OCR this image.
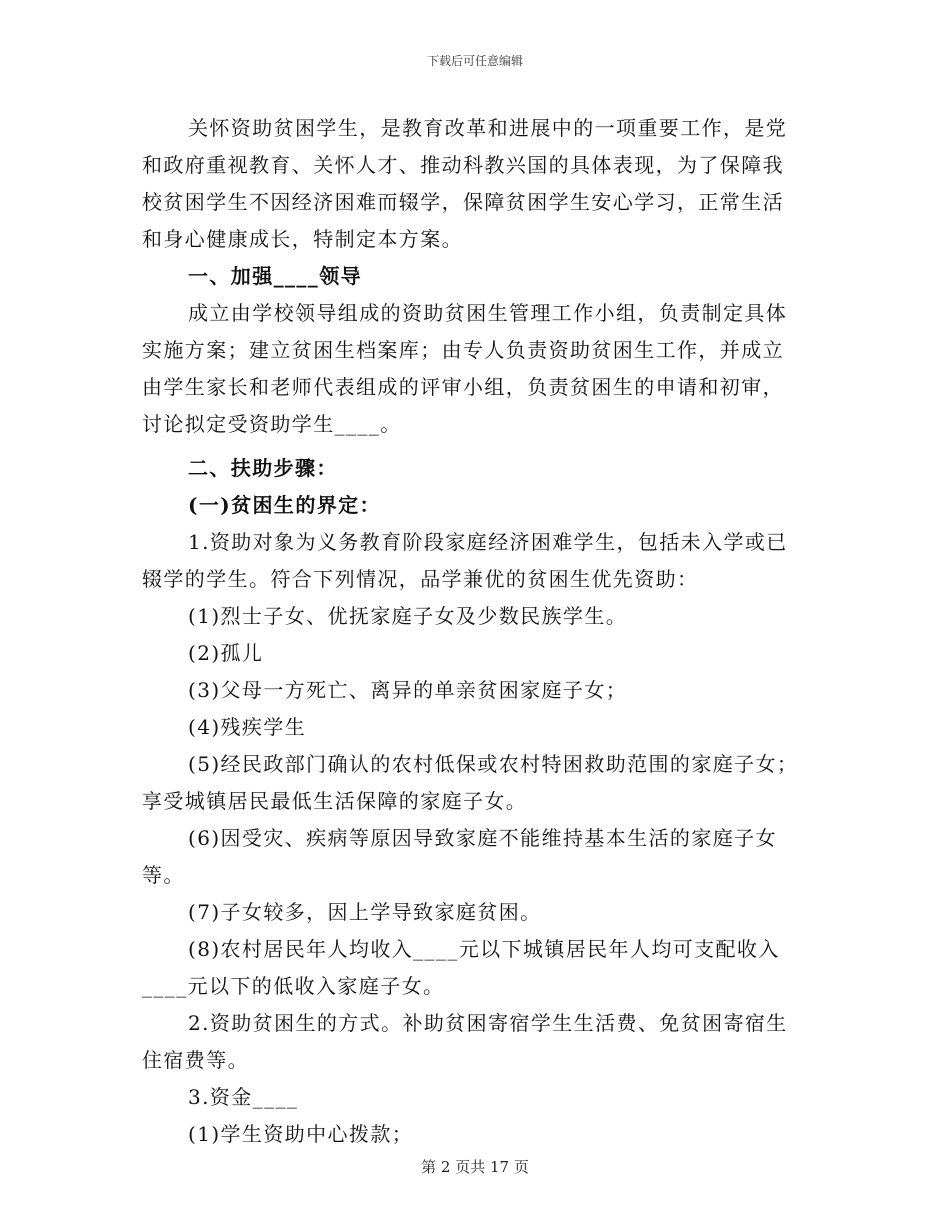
下载后可任意编辑

关怀资助贫困学生，是教育改革和进展中的一项重要工作，是党和政府重视教育、关怀人才、推动科教兴国的具体表现，为了保障我校贫困学生不因经济困难而辍学，保障贫困学生安心学习，正常生活和身心健康成长，特制定本方案。

一、加强____领导

成立由学校领导组成的资助贫困生管理工作小组，负责制定具体实施方案；建立贫困生档案库；由专人负责资助贫困生工作，并成立由学生家长和老师代表组成的评审小组，负责贫困生的申请和初审，讨论拟定受资助学生____。

二、扶助步骤：

(一)贫困生的界定：

1.资助对象为义务教育阶段家庭经济困难学生，包括未入学或已辍学的学生。符合下列情况，品学兼优的贫困生优先资助：

(1)烈士子女、优抚家庭子女及少数民族学生。

(2)孤儿

(3)父母一方死亡、离异的单亲贫困家庭子女；

(4)残疾学生

(5)经民政部门确认的农村低保或农村特困救助范围的家庭子女；享受城镇居民最低生活保障的家庭子女。

(6)因受灾、疾病等原因导致家庭不能维持基本生活的家庭子女等。

(7)子女较多，因上学导致家庭贫困。

(8)农村居民年人均收入____元以下城镇居民年人均可支配收入____元以下的低收入家庭子女。

2.资助贫困生的方式。补助贫困寄宿学生生活费、免贫困寄宿生住宿费等。

3.资金____

(1)学生资助中心拨款；

第 2 页共 17 页
